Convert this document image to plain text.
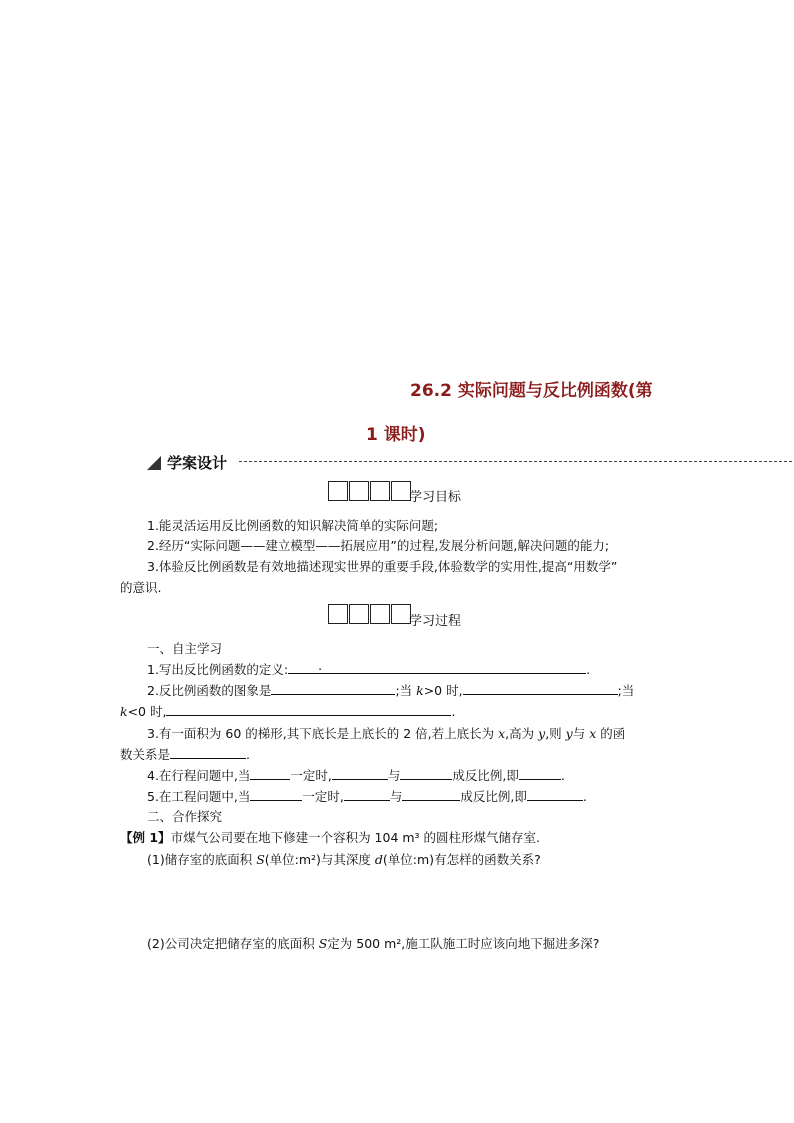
26.2 实际问题与反比例函数(第
1 课时)
学案设计
学习目标
1.能灵活运用反比例函数的知识解决简单的实际问题;
2.经历“实际问题——建立模型——拓展应用”的过程,发展分析问题,解决问题的能力;
3.体验反比例函数是有效地描述现实世界的重要手段,体验数学的实用性,提高“用数学”
的意识.
学习过程
一、自主学习
1.写出反比例函数的定义: .	.
2.反比例函数的图象是	;当 k>0 时,	;当
k<0 时,	.
3.有一面积为 60 的梯形,其下底长是上底长的 2 倍,若上底长为 x,高为 y,则 y与 x 的函
数关系是	.
4.在行程问题中,当	一定时,	与	成反比例,即	.
5.在工程问题中,当	一定时,	与	成反比例,即	.
二、合作探究
【例 1】市煤气公司要在地下修建一个容积为 104 m³ 的圆柱形煤气储存室.
(1)储存室的底面积 S(单位:m²)与其深度 d(单位:m)有怎样的函数关系?
(2)公司决定把储存室的底面积 S定为 500 m²,施工队施工时应该向地下掘进多深?
